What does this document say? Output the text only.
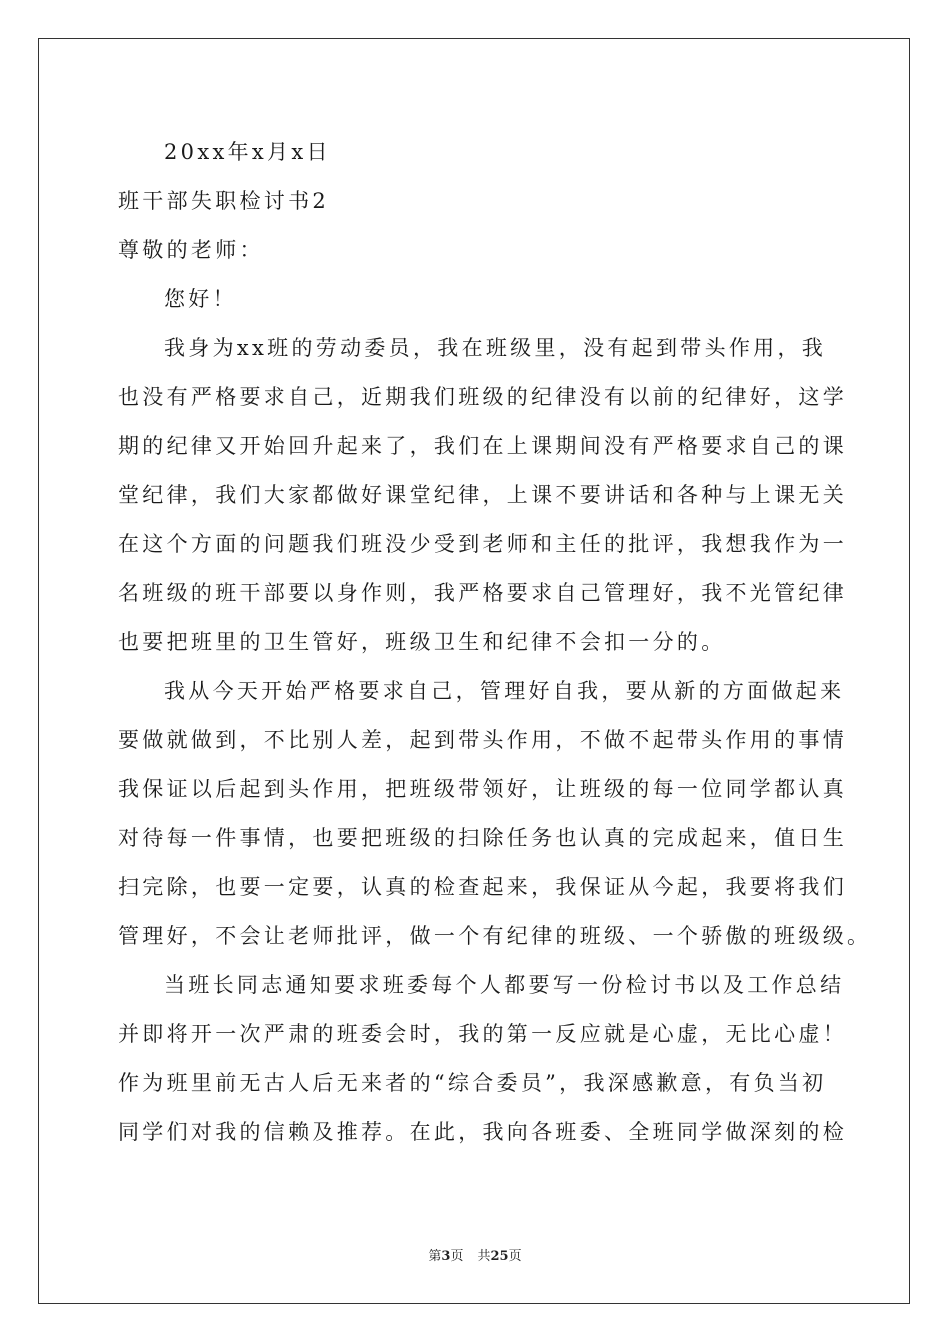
20xx年x月x日
班干部失职检讨书2
尊敬的老师：
您好！
我身为xx班的劳动委员，我在班级里，没有起到带头作用，我
也没有严格要求自己，近期我们班级的纪律没有以前的纪律好，这学
期的纪律又开始回升起来了，我们在上课期间没有严格要求自己的课
堂纪律，我们大家都做好课堂纪律，上课不要讲话和各种与上课无关
在这个方面的问题我们班没少受到老师和主任的批评，我想我作为一
名班级的班干部要以身作则，我严格要求自己管理好，我不光管纪律
也要把班里的卫生管好，班级卫生和纪律不会扣一分的。
我从今天开始严格要求自己，管理好自我，要从新的方面做起来
要做就做到，不比别人差，起到带头作用，不做不起带头作用的事情
我保证以后起到头作用，把班级带领好，让班级的每一位同学都认真
对待每一件事情，也要把班级的扫除任务也认真的完成起来，值日生
扫完除，也要一定要，认真的检查起来，我保证从今起，我要将我们
管理好，不会让老师批评，做一个有纪律的班级、一个骄傲的班级级。
当班长同志通知要求班委每个人都要写一份检讨书以及工作总结
并即将开一次严肃的班委会时，我的第一反应就是心虚，无比心虚！
作为班里前无古人后无来者的“综合委员”，我深感歉意，有负当初
同学们对我的信赖及推荐。在此，我向各班委、全班同学做深刻的检
第3页 共25页
